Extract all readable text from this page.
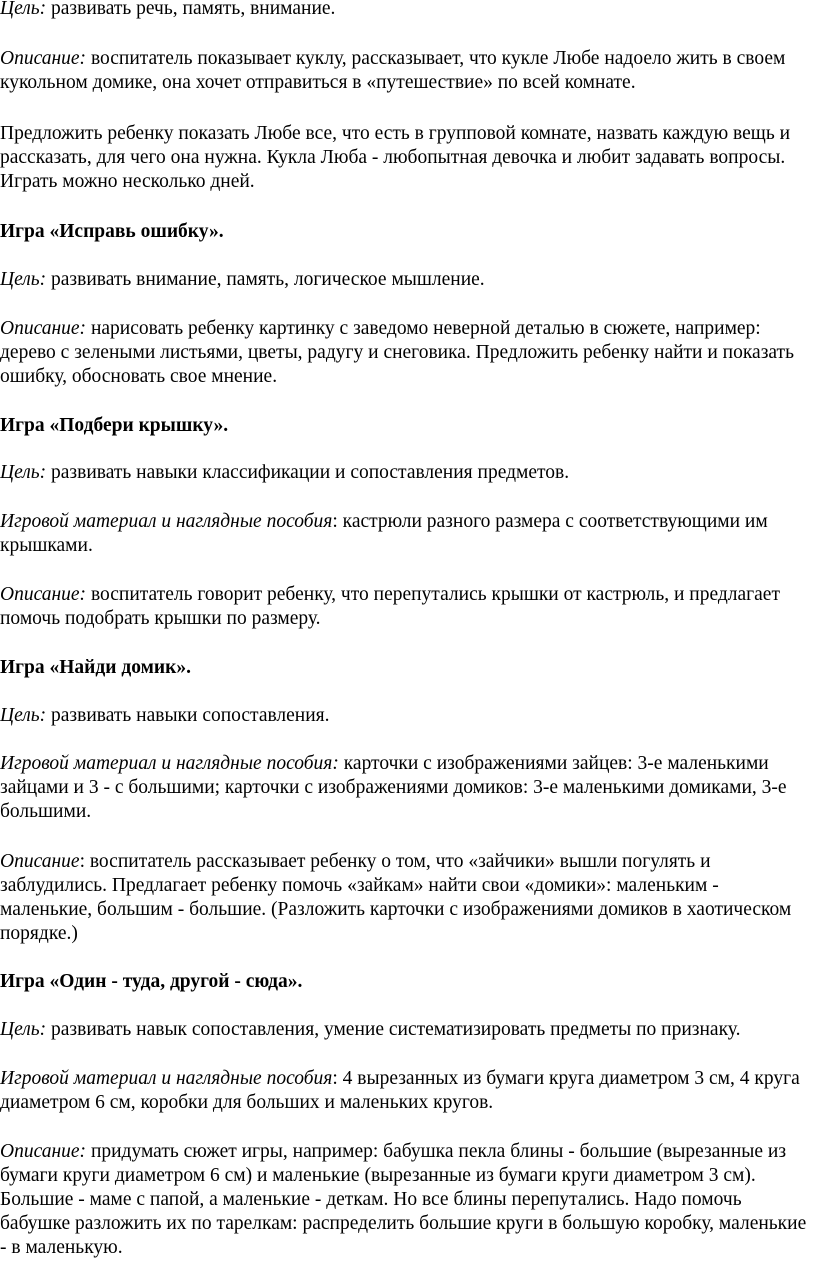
Цель: развивать речь, память, внимание.

Описание: воспитатель показывает куклу, рассказывает, что кукле Любе надоело жить в своем кукольном домике, она хочет отправиться в «путешествие» по всей комнате.

Предложить ребенку показать Любе все, что есть в групповой комнате, назвать каждую вещь и рассказать, для чего она нужна. Кукла Люба - любопытная девочка и любит задавать вопросы. Играть можно несколько дней.

Игра «Исправь ошибку».

Цель: развивать внимание, память, логическое мышление.

Описание: нарисовать ребенку картинку с заведомо неверной деталью в сюжете, например: дерево с зелеными листьями, цветы, радугу и снеговика. Предложить ребенку найти и показать ошибку, обосновать свое мнение.

Игра «Подбери крышку».

Цель: развивать навыки классификации и сопоставления предметов.

Игровой материал и наглядные пособия: кастрюли разного размера с соответствующими им крышками.

Описание: воспитатель говорит ребенку, что перепутались крышки от кастрюль, и предлагает помочь подобрать крышки по размеру.

Игра «Найди домик».

Цель: развивать навыки сопоставления.

Игровой материал и наглядные пособия: карточки с изображениями зайцев: 3-е маленькими зайцами и 3 - с большими; карточки с изображениями домиков: 3-е маленькими домиками, 3-е большими.

Описание: воспитатель рассказывает ребенку о том, что «зайчики» вышли погулять и заблудились. Предлагает ребенку помочь «зайкам» найти свои «домики»: маленьким - маленькие, большим - большие. (Разложить карточки с изображениями домиков в хаотическом порядке.)

Игра «Один - туда, другой - сюда».

Цель: развивать навык сопоставления, умение систематизировать предметы по признаку.

Игровой материал и наглядные пособия: 4 вырезанных из бумаги круга диаметром 3 см, 4 круга диаметром 6 см, коробки для больших и маленьких кругов.

Описание: придумать сюжет игры, например: бабушка пекла блины - большие (вырезанные из бумаги круги диаметром 6 см) и маленькие (вырезанные из бумаги круги диаметром 3 см). Большие - маме с папой, а маленькие - деткам. Но все блины перепутались. Надо помочь бабушке разложить их по тарелкам: распределить большие круги в большую коробку, маленькие - в маленькую.
